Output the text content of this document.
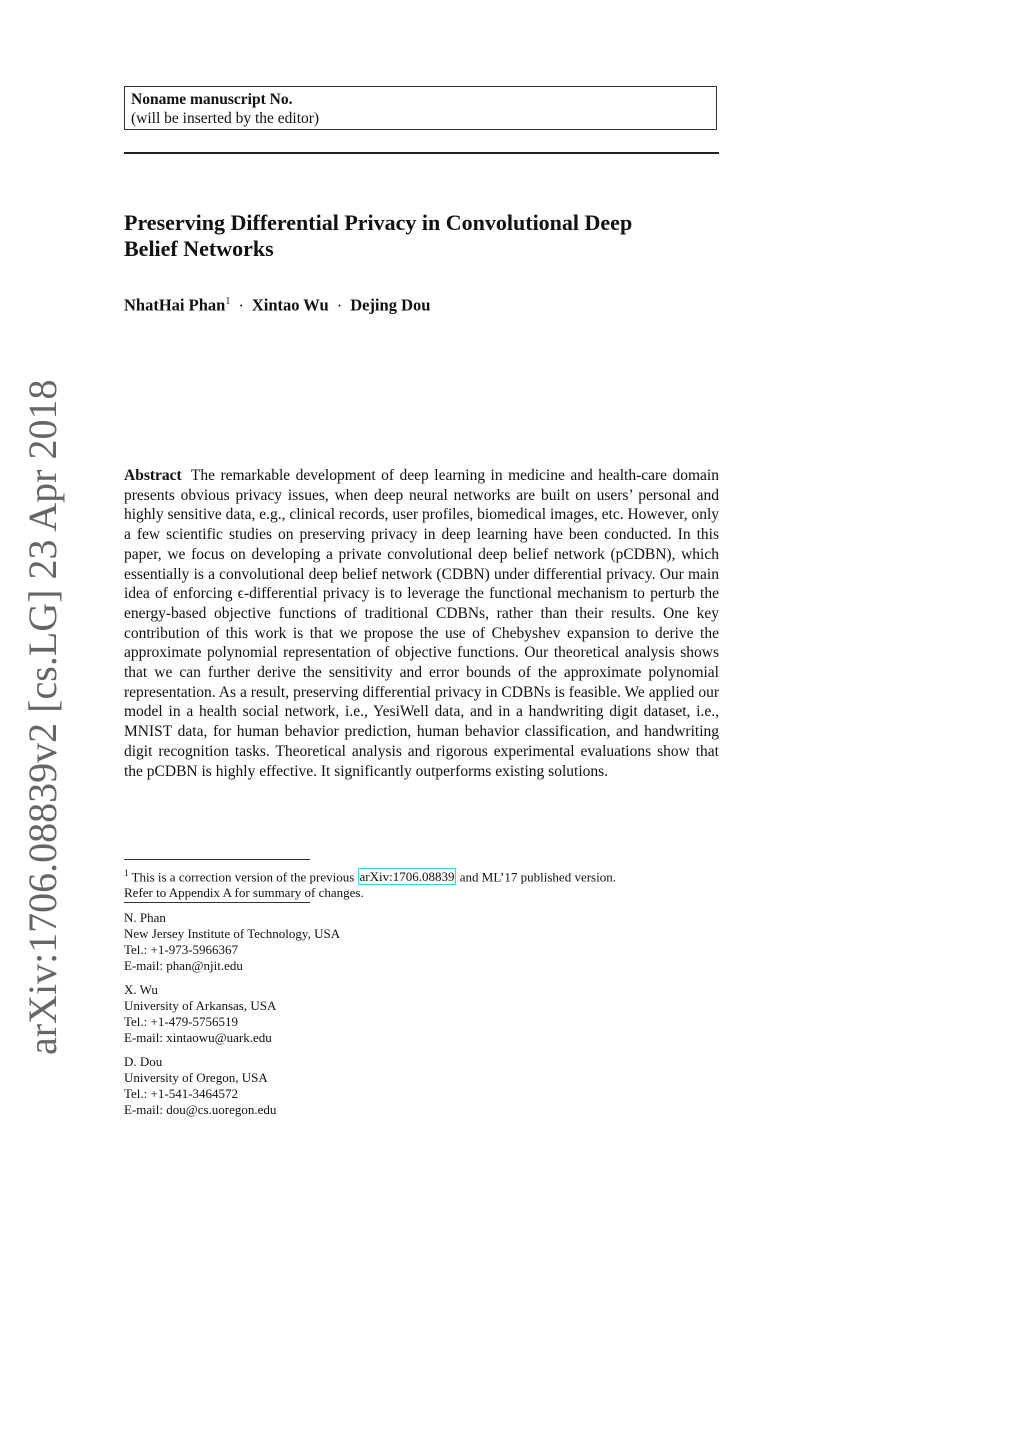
Noname manuscript No.
(will be inserted by the editor)
Preserving Differential Privacy in Convolutional Deep
Belief Networks
NhatHai Phan$^1$ · Xintao Wu · Dejing Dou
arXiv:1706.08839v2 [cs.LG] 23 Apr 2018	Abstract The remarkable development of deep learning in medicine and health-care domain presents obvious privacy issues, when deep neural networks are built on users’ personal and highly sensitive data, e.g., clinical records, user profiles, biomedical images, etc. However, only a few scientific studies on preserving privacy in deep learning have been conducted. In this paper, we focus on developing a private convolutional deep belief network (pCDBN), which essentially is a convolutional deep belief network (CDBN) under differential privacy. Our main idea of enforcing ϵ-differential privacy is to leverage the functional mechanism to perturb the energy-based objective functions of traditional CDBNs, rather than their results. One key contribution of this work is that we propose the use of Chebyshev expansion to derive the approximate polynomial representation of objective functions. Our theoretical analysis shows that we can further derive the sensitivity and error bounds of the approximate polynomial representation. As a result, preserving differential privacy in CDBNs is feasible. We applied our model in a health social network, i.e., YesiWell data, and in a handwriting digit dataset, i.e., MNIST data, for human behavior prediction, human behavior classification, and handwriting digit recognition tasks. Theoretical analysis and rigorous experimental evaluations show that the pCDBN is highly effective. It significantly outperforms existing solutions.
$^1$ This is a correction version of the previous arXiv:1706.08839 and ML’17 published version.
Refer to Appendix A for summary of changes.
N. Phan
New Jersey Institute of Technology, USA
Tel.: +1-973-5966367
E-mail: phan@njit.edu
X. Wu
University of Arkansas, USA
Tel.: +1-479-5756519
E-mail: xintaowu@uark.edu
D. Dou
University of Oregon, USA
Tel.: +1-541-3464572
E-mail: dou@cs.uoregon.edu
